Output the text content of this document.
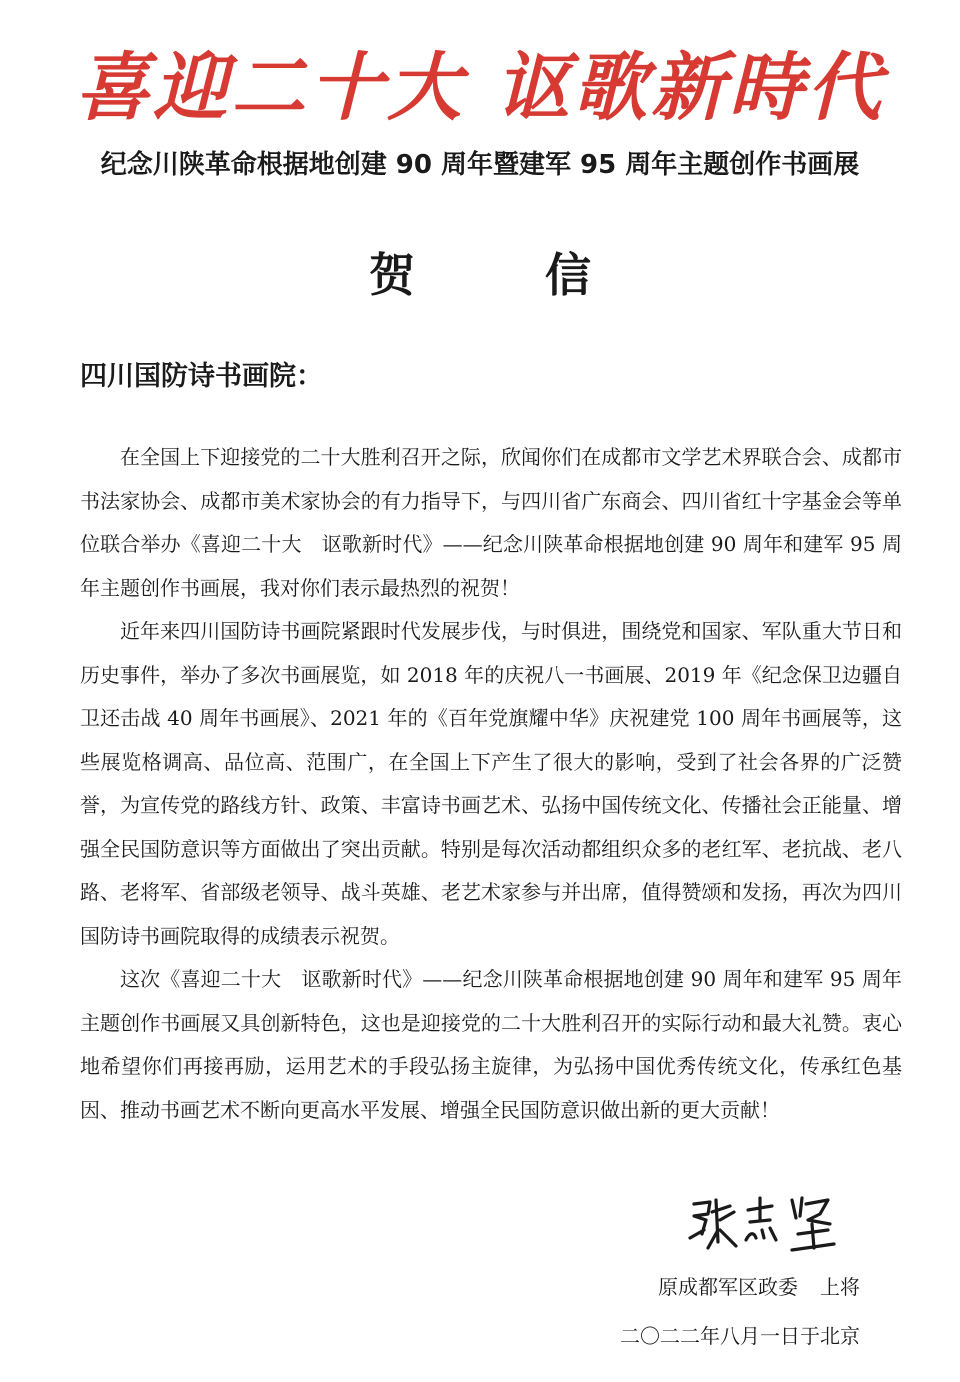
喜迎二十大 讴歌新時代
纪念川陕革命根据地创建 90 周年暨建军 95 周年主题创作书画展
贺　信
四川国防诗书画院：

在全国上下迎接党的二十大胜利召开之际，欣闻你们在成都市文学艺术界联合会、成都市书法家协会、成都市美术家协会的有力指导下，与四川省广东商会、四川省红十字基金会等单位联合举办《喜迎二十大　讴歌新时代》——纪念川陕革命根据地创建 90 周年和建军 95 周年主题创作书画展，我对你们表示最热烈的祝贺！

近年来四川国防诗书画院紧跟时代发展步伐，与时俱进，围绕党和国家、军队重大节日和历史事件，举办了多次书画展览，如 2018 年的庆祝八一书画展、2019 年《纪念保卫边疆自卫还击战 40 周年书画展》、2021 年的《百年党旗耀中华》庆祝建党 100 周年书画展等，这些展览格调高、品位高、范围广，在全国上下产生了很大的影响，受到了社会各界的广泛赞誉，为宣传党的路线方针、政策、丰富诗书画艺术、弘扬中国传统文化、传播社会正能量、增强全民国防意识等方面做出了突出贡献。特别是每次活动都组织众多的老红军、老抗战、老八路、老将军、省部级老领导、战斗英雄、老艺术家参与并出席，值得赞颂和发扬，再次为四川国防诗书画院取得的成绩表示祝贺。

这次《喜迎二十大　讴歌新时代》——纪念川陕革命根据地创建 90 周年和建军 95 周年主题创作书画展又具创新特色，这也是迎接党的二十大胜利召开的实际行动和最大礼赞。衷心地希望你们再接再励，运用艺术的手段弘扬主旋律，为弘扬中国优秀传统文化，传承红色基因、推动书画艺术不断向更高水平发展、增强全民国防意识做出新的更大贡献！

原成都军区政委 上将
二〇二二年八月一日于北京
